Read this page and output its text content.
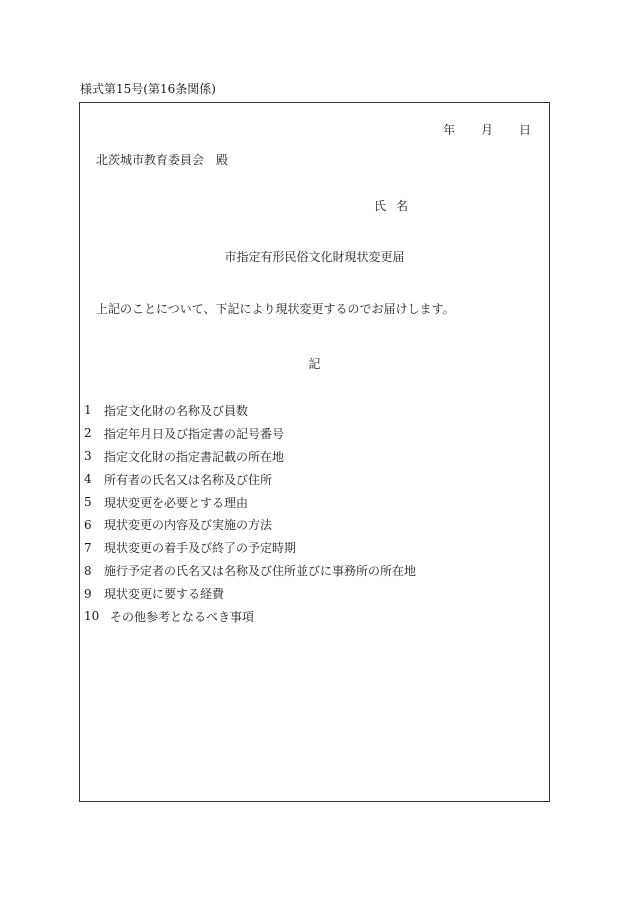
様式第15号(第16条関係)
年 月 日
北茨城市教育委員会 殿
氏名
市指定有形民俗文化財現状変更届
上記のことについて、下記により現状変更するのでお届けします。
記
1	指定文化財の名称及び員数
2	指定年月日及び指定書の記号番号
3	指定文化財の指定書記載の所在地
4	所有者の氏名又は名称及び住所
5	現状変更を必要とする理由
6	現状変更の内容及び実施の方法
7	現状変更の着手及び終了の予定時期
8	施行予定者の氏名又は名称及び住所並びに事務所の所在地
9	現状変更に要する経費
10 その他参考となるべき事項
